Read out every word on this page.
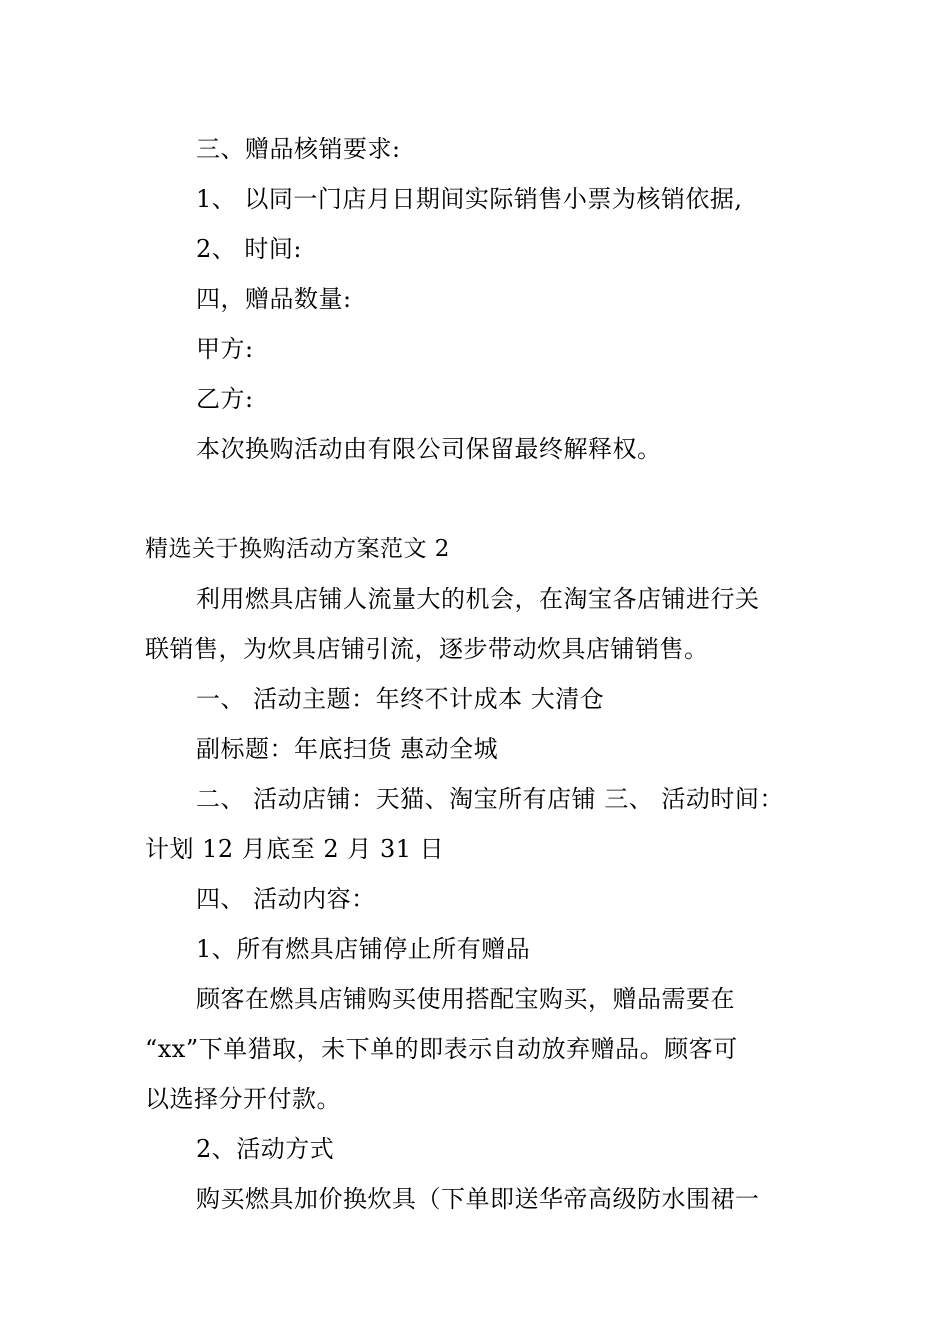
三、赠品核销要求:
1、 以同一门店月日期间实际销售小票为核销依据,
2、 时间:
四，赠品数量:
甲方:
乙方:
本次换购活动由有限公司保留最终解释权。
精选关于换购活动方案范文 2
利用燃具店铺人流量大的机会，在淘宝各店铺进行关
联销售，为炊具店铺引流，逐步带动炊具店铺销售。
一、 活动主题：年终不计成本 大清仓
副标题：年底扫货 惠动全城
二、 活动店铺：天猫、淘宝所有店铺 三、 活动时间：
计划 12 月底至 2 月 31 日
四、 活动内容：
1、所有燃具店铺停止所有赠品
顾客在燃具店铺购买使用搭配宝购买，赠品需要在
“xx”下单猎取，未下单的即表示自动放弃赠品。顾客可
以选择分开付款。
2、活动方式
购买燃具加价换炊具（下单即送华帝高级防水围裙一
